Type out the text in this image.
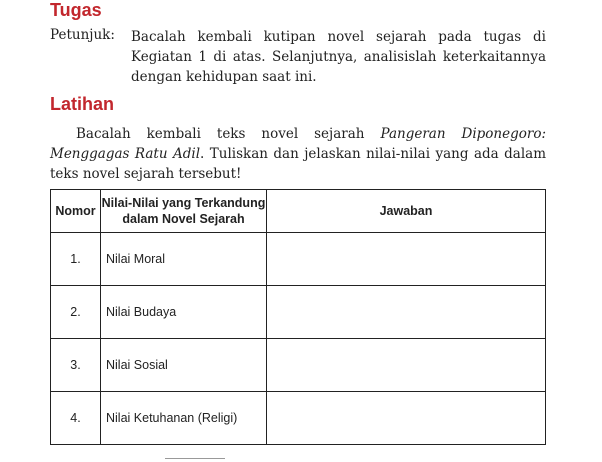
Tugas
Petunjuk: Bacalah kembali kutipan novel sejarah pada tugas di Kegiatan 1 di atas. Selanjutnya, analisislah keterkaitannya dengan kehidupan saat ini.
Latihan
Bacalah kembali teks novel sejarah Pangeran Diponegoro: Menggagas Ratu Adil. Tuliskan dan jelaskan nilai-nilai yang ada dalam teks novel sejarah tersebut!
Nomor	Nilai-Nilai yang Terkandung dalam Novel Sejarah	Jawaban
1.	Nilai Moral	
2.	Nilai Budaya	
3.	Nilai Sosial	
4.	Nilai Ketuhanan (Religi)	
